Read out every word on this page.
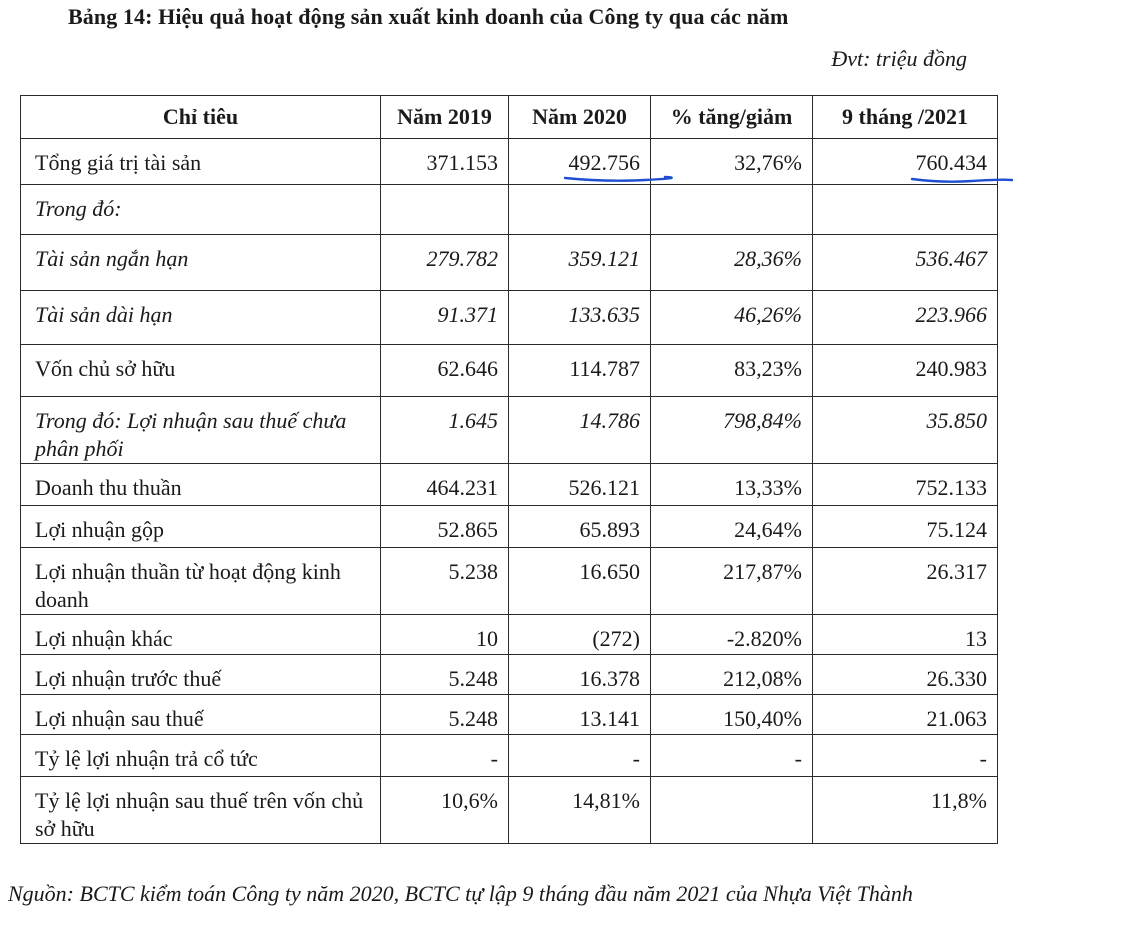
Bảng 14: Hiệu quả hoạt động sản xuất kinh doanh của Công ty qua các năm
Đvt: triệu đồng
Chỉ tiêu	Năm 2019	Năm 2020	% tăng/giảm	9 tháng /2021
Tổng giá trị tài sản	371.153	492.756	32,76%	760.434

Trong đó:				
Tài sản ngắn hạn	279.782	359.121	28,36%	536.467
Tài sản dài hạn	91.371	133.635	46,26%	223.966
Vốn chủ sở hữu	62.646	114.787	83,23%	240.983
Trong đó: Lợi nhuận sau thuế chưa phân phối	1.645	14.786	798,84%	35.850
Doanh thu thuần	464.231	526.121	13,33%	752.133
Lợi nhuận gộp	52.865	65.893	24,64%	75.124
Lợi nhuận thuần từ hoạt động kinh doanh	5.238	16.650	217,87%	26.317
Lợi nhuận khác	10	(272)	-2.820%	13
Lợi nhuận trước thuế	5.248	16.378	212,08%	26.330
Lợi nhuận sau thuế	5.248	13.141	150,40%	21.063
Tỷ lệ lợi nhuận trả cổ tức	-	-	-	-
Tỷ lệ lợi nhuận sau thuế trên vốn chủ sở hữu	10,6%	14,81%		11,8%
Nguồn: BCTC kiểm toán Công ty năm 2020, BCTC tự lập 9 tháng đầu năm 2021 của Nhựa Việt Thành
